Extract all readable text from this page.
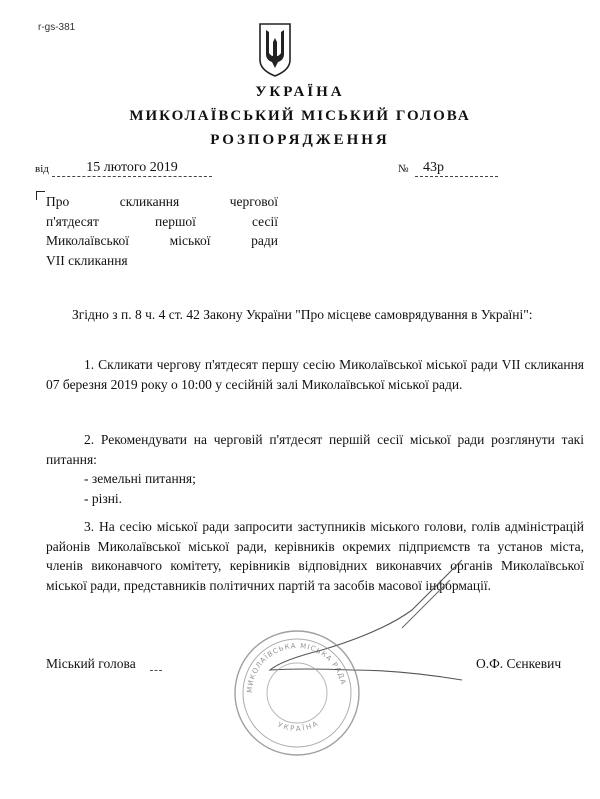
r-gs-381
УКРАЇНА
МИКОЛАЇВСЬКИЙ МІСЬКИЙ ГОЛОВА
РОЗПОРЯДЖЕННЯ
від	15 лютого 2019	№	43р
Про скликання чергової
п'ятдесят першої сесії
Миколаївської міської ради
VII скликання
Згідно з п. 8 ч. 4 ст. 42 Закону України "Про місцеве самоврядування в Україні":
1. Скликати чергову п'ятдесят першу сесію Миколаївської міської ради VII скликання 07 березня 2019 року о 10:00 у сесійній залі Миколаївської міської ради.
2. Рекомендувати на черговій п'ятдесят першій сесії міської ради розглянути такі питання:
- земельні питання;
- різні.
3. На сесію міської ради запросити заступників міського голови, голів адміністрацій районів Миколаївської міської ради, керівників окремих підприємств та установ міста, членів виконавчого комітету, керівників відповідних виконавчих органів Миколаївської міської ради, представників політичних партій та засобів масової інформації.
МИКОЛАЇВСЬКА МІСЬКА РАДА
УКРАЇНА
Міський голова	О.Ф. Сєнкевич
